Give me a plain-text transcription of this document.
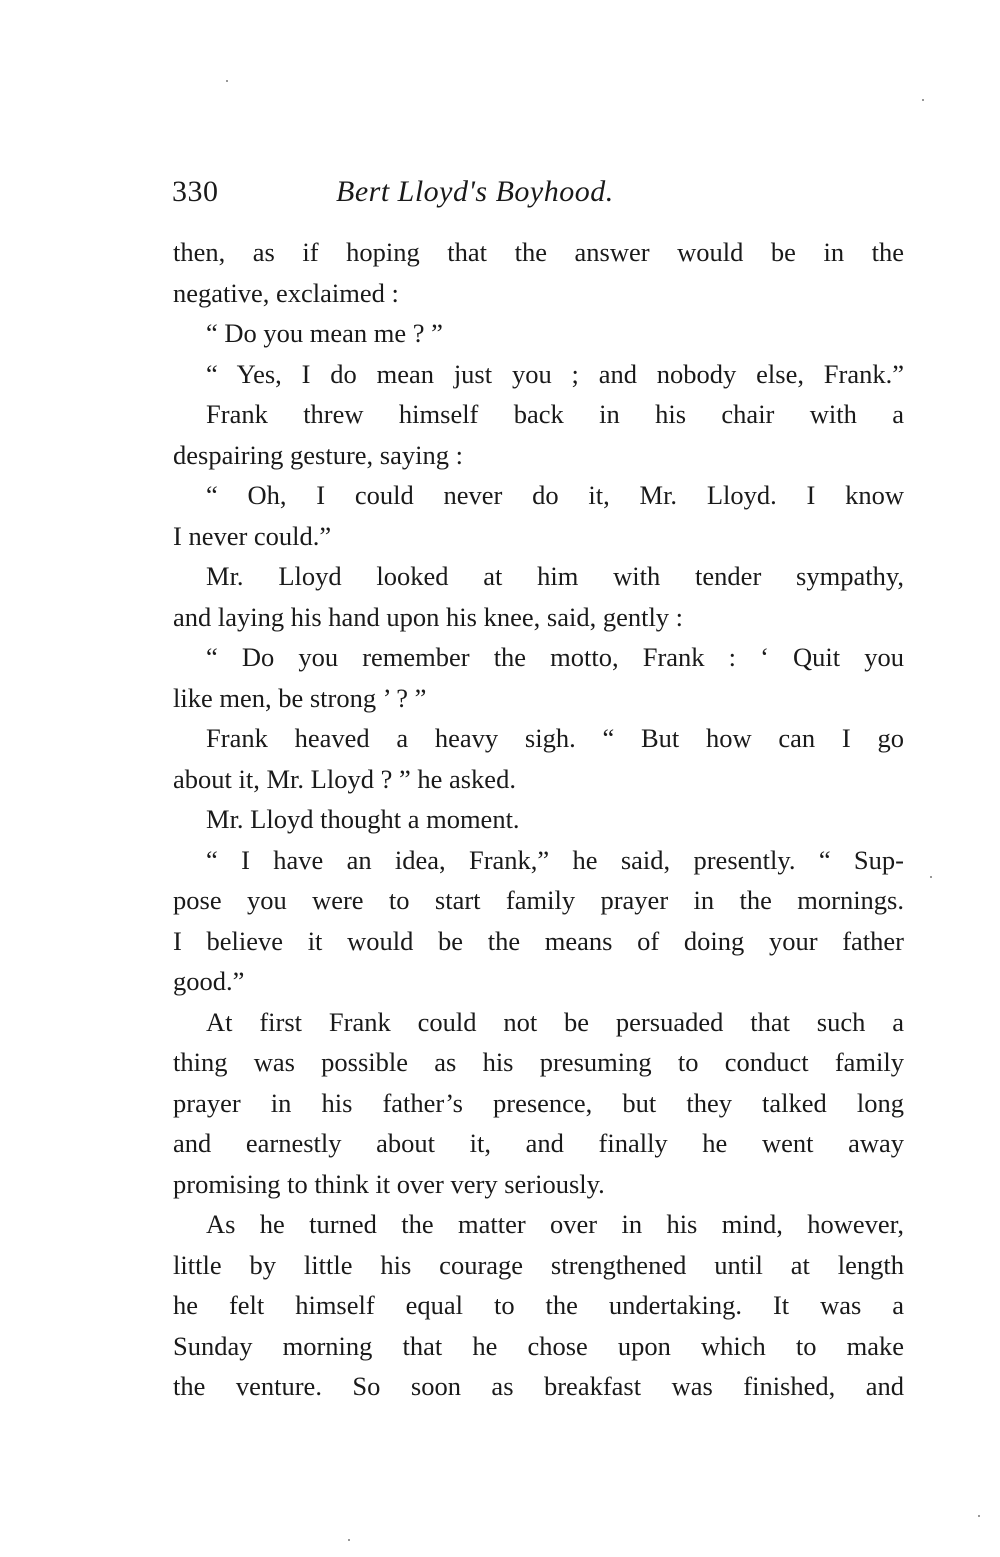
330	Bert Lloyd's Boyhood.
then, as if hoping that the answer would be in the
negative, exclaimed :
“ Do you mean me ? ”
“ Yes, I do mean just you ; and nobody else, Frank.”
Frank threw himself back in his chair with a
despairing gesture, saying :
“ Oh, I could never do it, Mr. Lloyd. I know
I never could.”
Mr. Lloyd looked at him with tender sympathy,
and laying his hand upon his knee, said, gently :
“ Do you remember the motto, Frank : ‘ Quit you
like men, be strong ’ ? ”
Frank heaved a heavy sigh. “ But how can I go
about it, Mr. Lloyd ? ” he asked.
Mr. Lloyd thought a moment.
“ I have an idea, Frank,” he said, presently. “ Sup-
pose you were to start family prayer in the mornings.
I believe it would be the means of doing your father
good.”
At first Frank could not be persuaded that such a
thing was possible as his presuming to conduct family
prayer in his father’s presence, but they talked long
and earnestly about it, and finally he went away
promising to think it over very seriously.
As he turned the matter over in his mind, however,
little by little his courage strengthened until at length
he felt himself equal to the undertaking. It was a
Sunday morning that he chose upon which to make
the venture. So soon as breakfast was finished, and
